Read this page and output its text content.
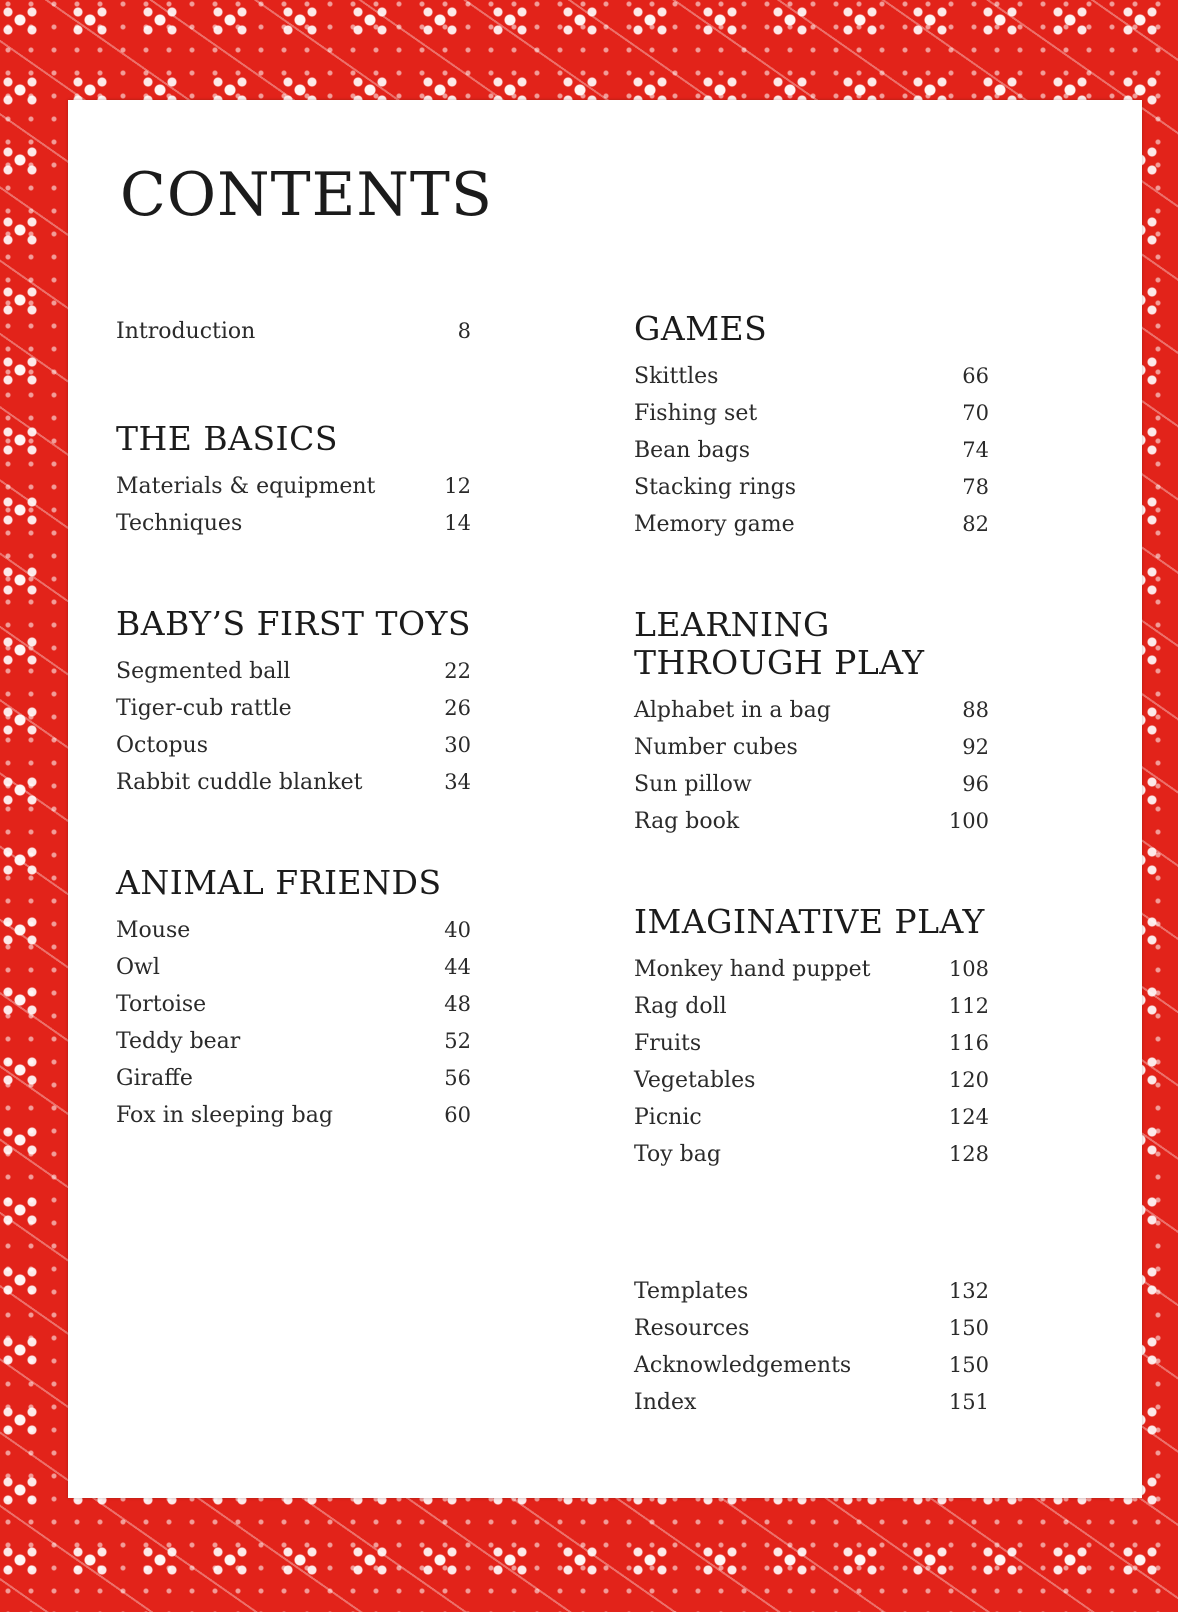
CONTENTS
Introduction	8
THE BASICS
Materials & equipment	12
Techniques	14
BABY’S FIRST TOYS
Segmented ball	22
Tiger-cub rattle	26
Octopus	30
Rabbit cuddle blanket	34
ANIMAL FRIENDS
Mouse	40
Owl	44
Tortoise	48
Teddy bear	52
Giraffe	56
Fox in sleeping bag	60
GAMES
Skittles	66
Fishing set	70
Bean bags	74
Stacking rings	78
Memory game	82
LEARNING THROUGH PLAY
Alphabet in a bag	88
Number cubes	92
Sun pillow	96
Rag book	100
IMAGINATIVE PLAY
Monkey hand puppet	108
Rag doll	112
Fruits	116
Vegetables	120
Picnic	124
Toy bag	128
Templates	132
Resources	150
Acknowledgements	150
Index	151
